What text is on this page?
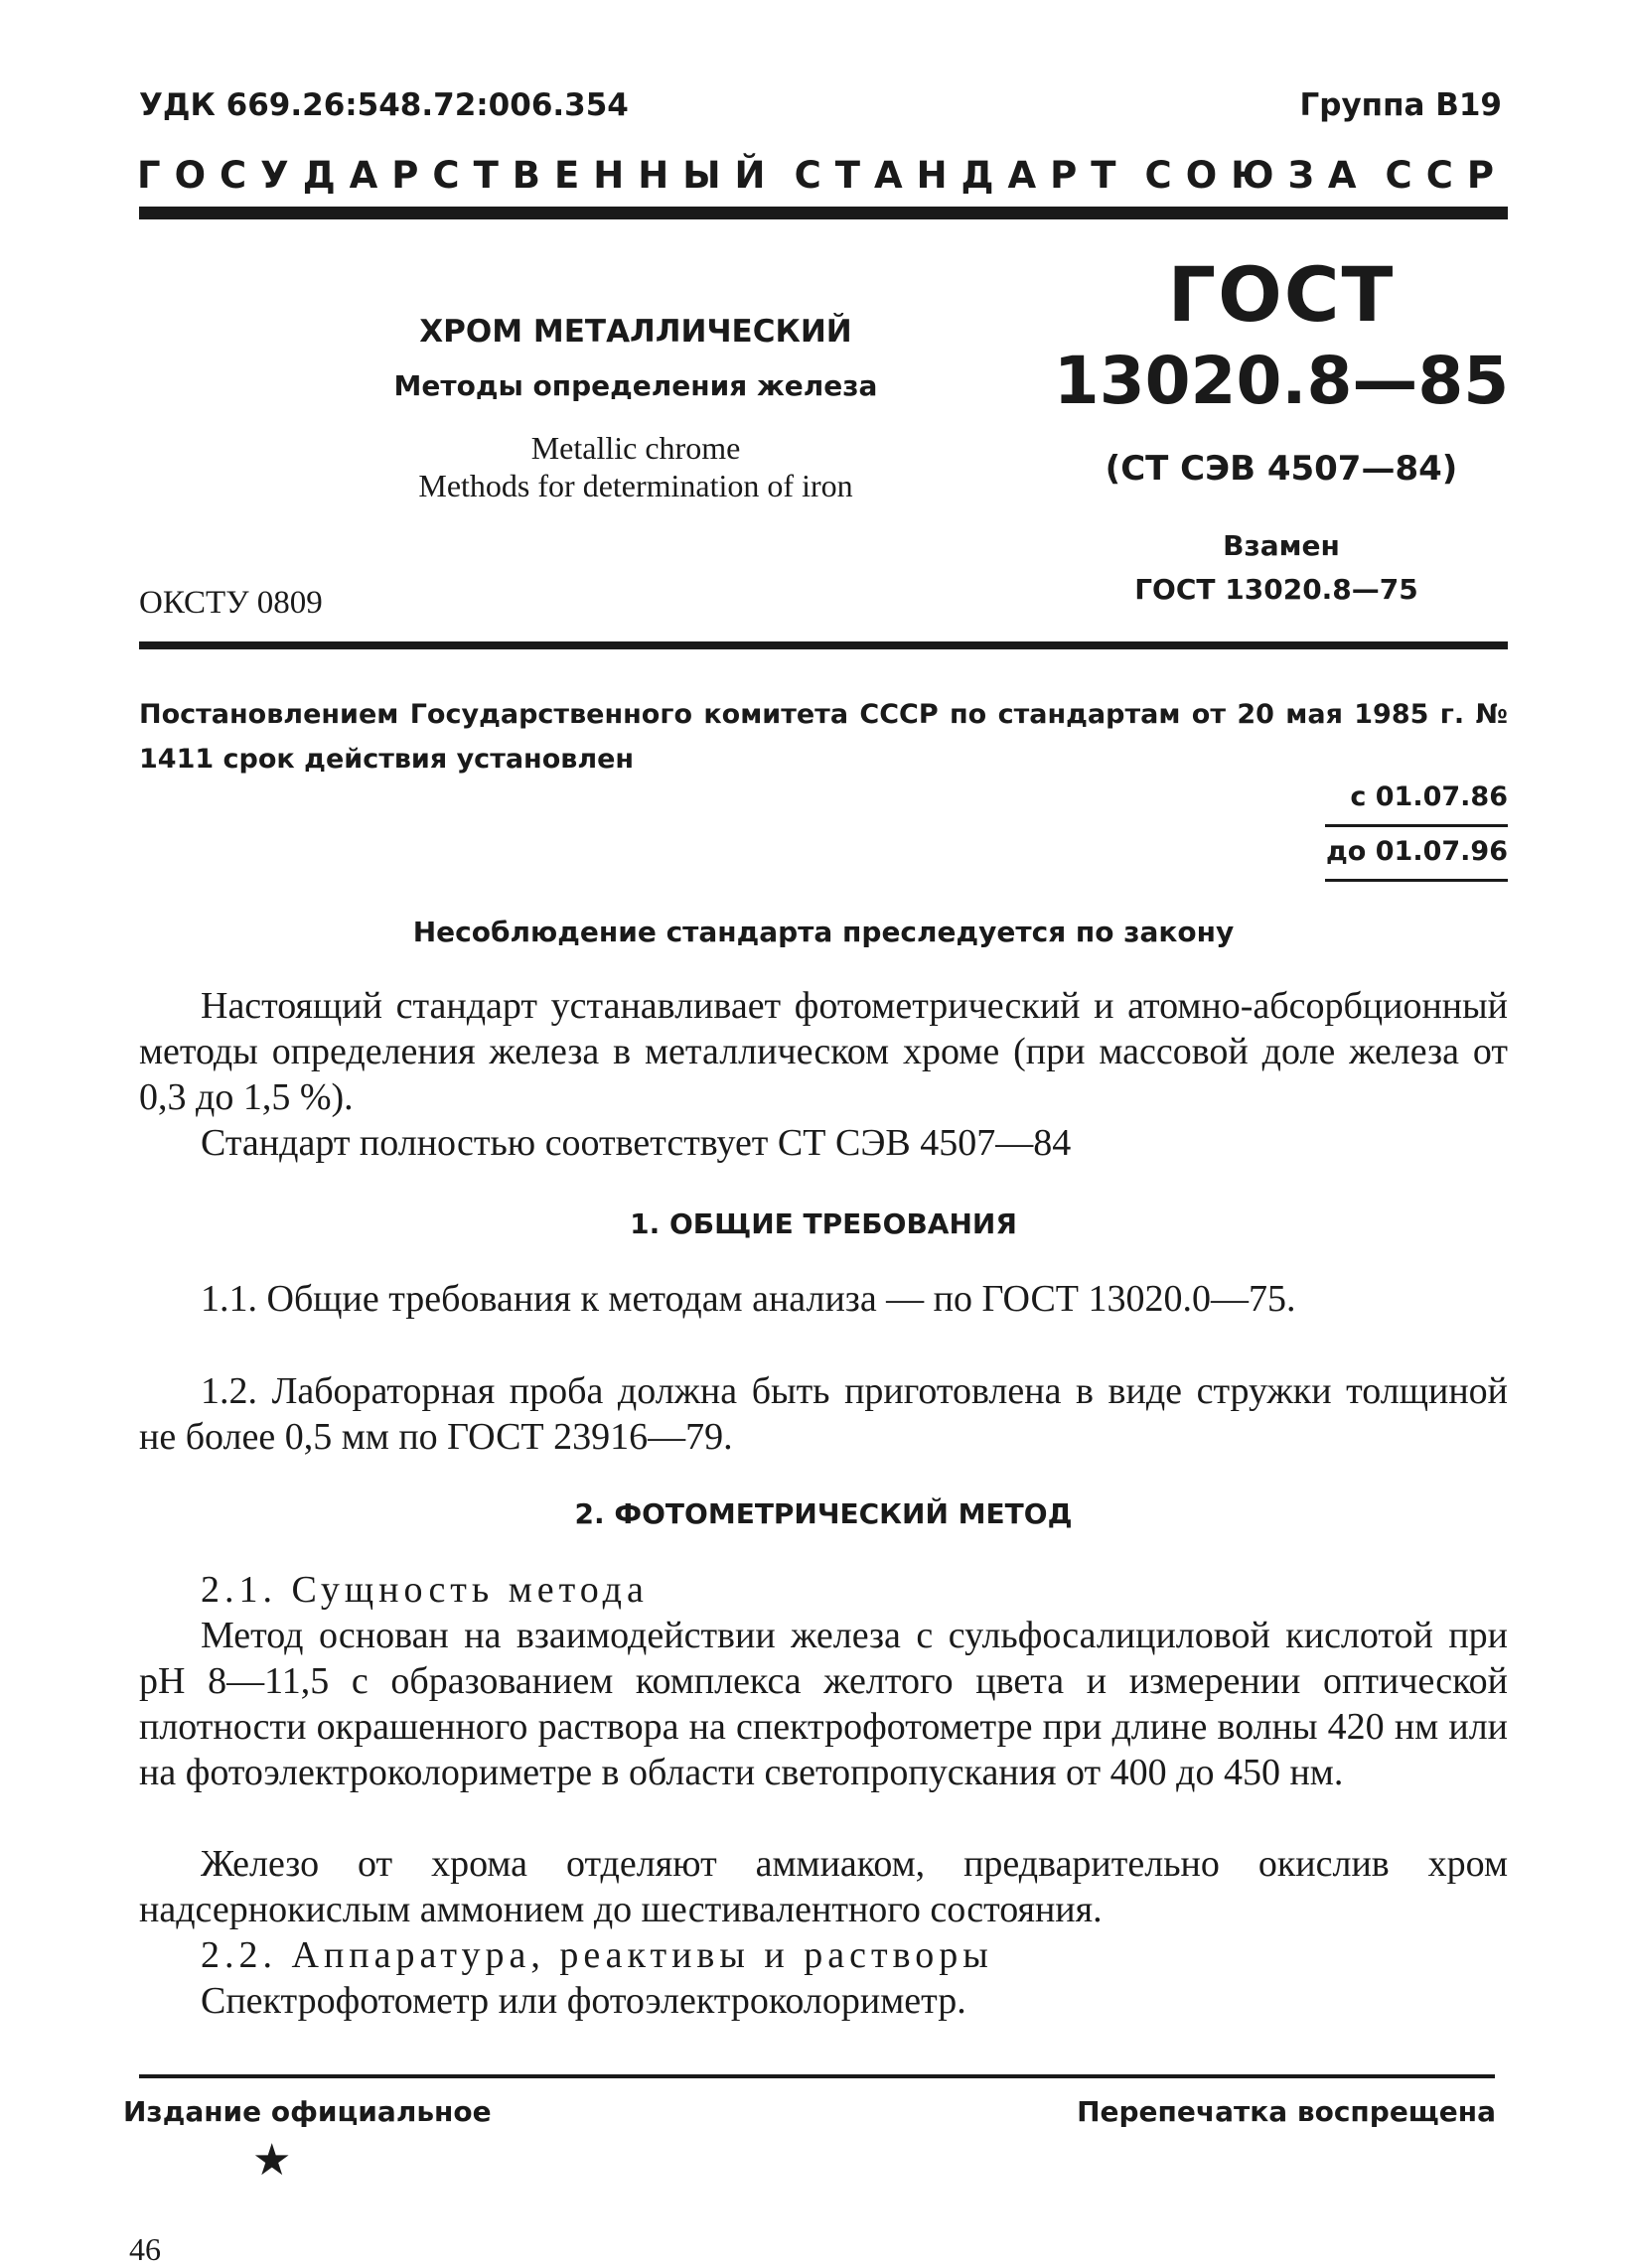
УДК 669.26:548.72:006.354	Группа В19
ГОСУДАРСТВЕННЫЙ СТАНДАРТ СОЮЗА ССР
ХРОМ МЕТАЛЛИЧЕСКИЙ
Методы определения железа
Metallic chrome
Methods for determination of iron
ОКСТУ 0809
ГОСТ
13020.8—85
(СТ СЭВ 4507—84)
Взамен
ГОСТ 13020.8—75
Постановлением Государственного комитета СССР по стандартам от 20 мая 1985 г. № 1411 срок действия установлен
с 01.07.86
до 01.07.96
Несоблюдение стандарта преследуется по закону
Настоящий стандарт устанавливает фотометрический и атомно-абсорбционный методы определения железа в металлическом хроме (при массовой доле железа от 0,3 до 1,5 %).
Стандарт полностью соответствует СТ СЭВ 4507—84
1. ОБЩИЕ ТРЕБОВАНИЯ
1.1. Общие требования к методам анализа — по ГОСТ 13020.0—75.
1.2. Лабораторная проба должна быть приготовлена в виде стружки толщиной не более 0,5 мм по ГОСТ 23916—79.
2. ФОТОМЕТРИЧЕСКИЙ МЕТОД
2.1. Сущность метода
Метод основан на взаимодействии железа с сульфосалициловой кислотой при рН 8—11,5 с образованием комплекса желтого цвета и измерении оптической плотности окрашенного раствора на спектрофотометре при длине волны 420 нм или на фотоэлектроколориметре в области светопропускания от 400 до 450 нм.
Железо от хрома отделяют аммиаком, предварительно окислив хром надсернокислым аммонием до шестивалентного состояния.
2.2. Аппаратура, реактивы и растворы
Спектрофотометр или фотоэлектроколориметр.
Издание официальное	Перепечатка воспрещена
★
46
